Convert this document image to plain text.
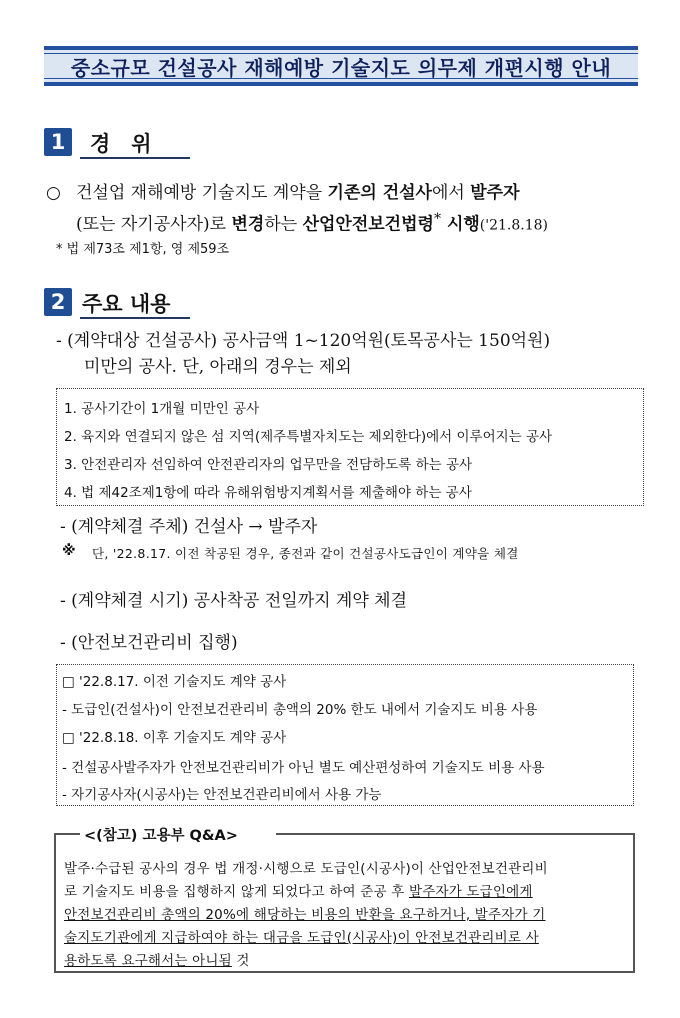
중소규모 건설공사 재해예방 기술지도 의무제 개편시행 안내
1	경　위
○ 건설업 재해예방 기술지도 계약을 기존의 건설사에서 발주자
(또는 자기공사자)로 변경하는 산업안전보건법령* 시행('21.8.18)
* 법 제73조 제1항, 영 제59조
2 주요 내용
- (계약대상 건설공사) 공사금액 1~120억원(토목공사는 150억원)
미만의 공사. 단, 아래의 경우는 제외
1. 공사기간이 1개월 미만인 공사
2. 육지와 연결되지 않은 섬 지역(제주특별자치도는 제외한다)에서 이루어지는 공사
3. 안전관리자 선임하여 안전관리자의 업무만을 전담하도록 하는 공사
4. 법 제42조제1항에 따라 유해위험방지계획서를 제출해야 하는 공사
- (계약체결 주체) 건설사 → 발주자
※ 단, '22.8.17. 이전 착공된 경우, 종전과 같이 건설공사도급인이 계약을 체결
- (계약체결 시기) 공사착공 전일까지 계약 체결
- (안전보건관리비 집행)
□ '22.8.17. 이전 기술지도 계약 공사
- 도급인(건설사)이 안전보건관리비 총액의 20% 한도 내에서 기술지도 비용 사용
□ '22.8.18. 이후 기술지도 계약 공사
- 건설공사발주자가 안전보건관리비가 아닌 별도 예산편성하여 기술지도 비용 사용
- 자기공사자(시공사)는 안전보건관리비에서 사용 가능
<(참고) 고용부 Q&A>
발주·수급된 공사의 경우 법 개정·시행으로 도급인(시공사)이 산업안전보건관리비
로 기술지도 비용을 집행하지 않게 되었다고 하여 준공 후 발주자가 도급인에게
안전보건관리비 총액의 20%에 해당하는 비용의 반환을 요구하거나, 발주자가 기
술지도기관에게 지급하여야 하는 대금을 도급인(시공사)이 안전보건관리비로 사
용하도록 요구해서는 아니됨 것
